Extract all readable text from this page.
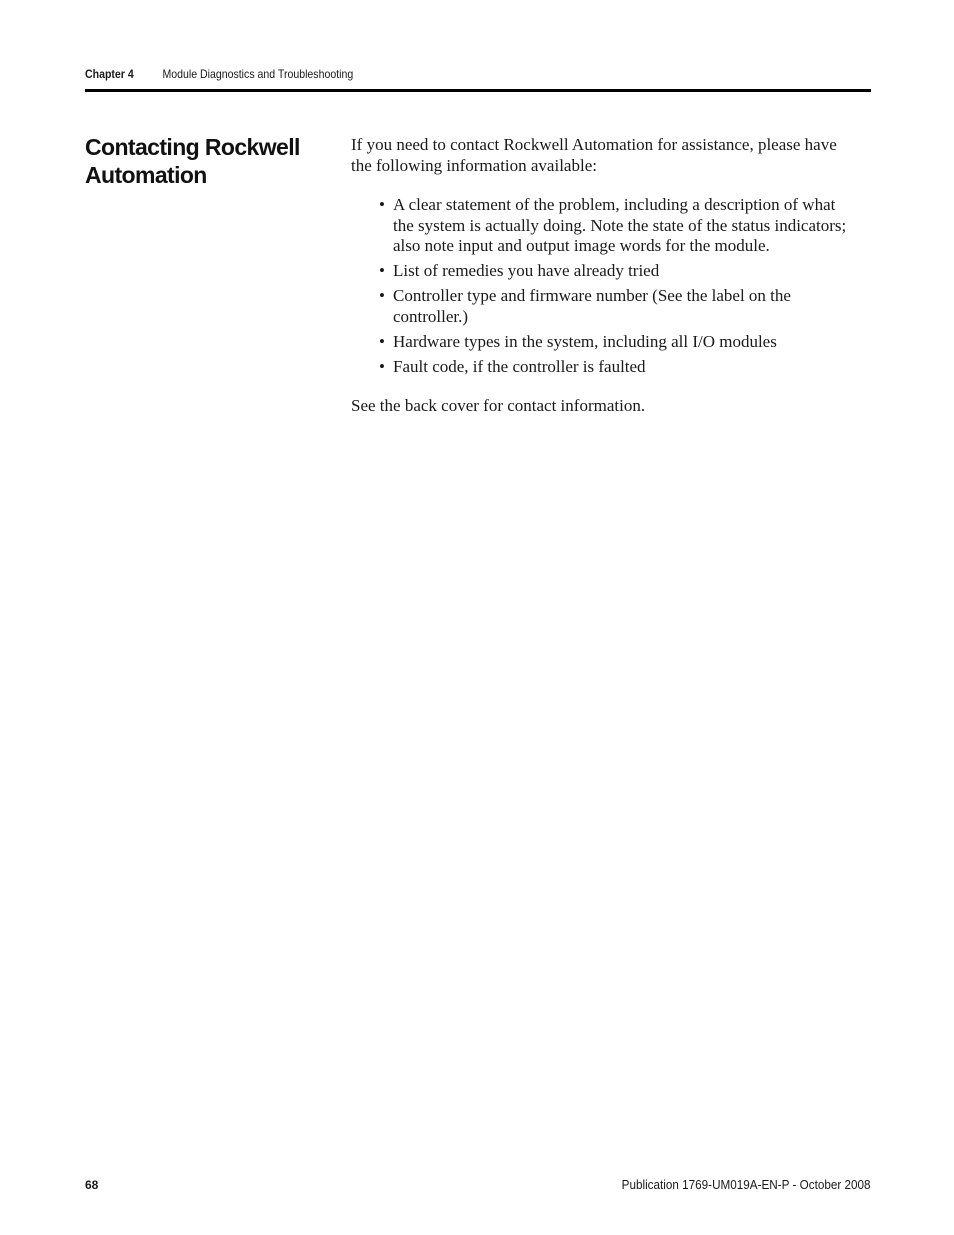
Chapter 4 Module Diagnostics and Troubleshooting
Contacting Rockwell Automation

If you need to contact Rockwell Automation for assistance, please have the following information available:

• A clear statement of the problem, including a description of what the system is actually doing. Note the state of the status indicators; also note input and output image words for the module.
• List of remedies you have already tried
• Controller type and firmware number (See the label on the controller.)
• Hardware types in the system, including all I/O modules
• Fault code, if the controller is faulted

See the back cover for contact information.

68	Publication 1769-UM019A-EN-P - October 2008
